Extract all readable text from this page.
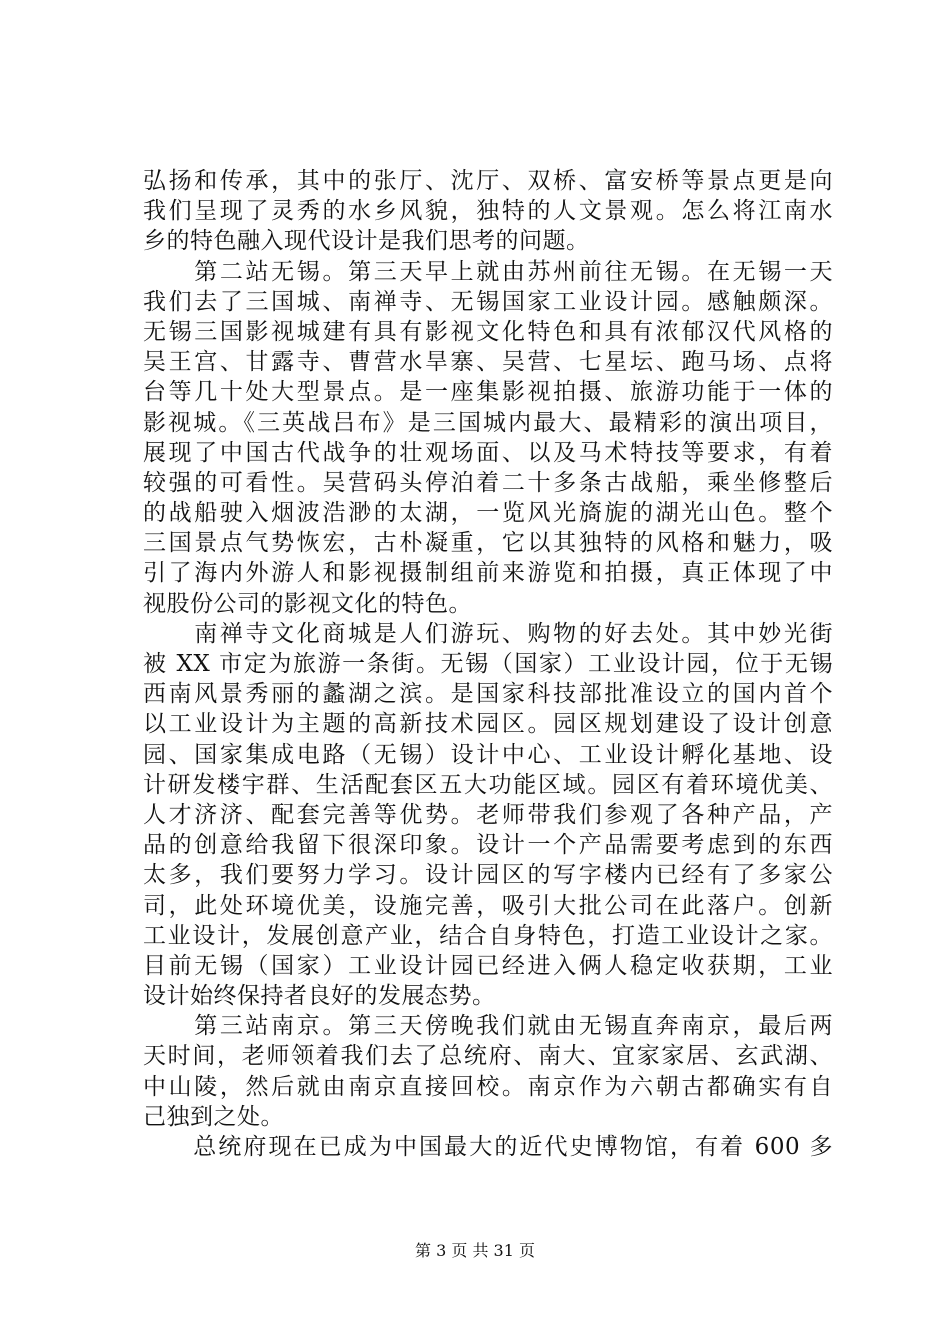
弘扬和传承，其中的张厅、沈厅、双桥、富安桥等景点更是向
我们呈现了灵秀的水乡风貌，独特的人文景观。怎么将江南水
乡的特色融入现代设计是我们思考的问题。
　　第二站无锡。第三天早上就由苏州前往无锡。在无锡一天
我们去了三国城、南禅寺、无锡国家工业设计园。感触颇深。
无锡三国影视城建有具有影视文化特色和具有浓郁汉代风格的
吴王宫、甘露寺、曹营水旱寨、吴营、七星坛、跑马场、点将
台等几十处大型景点。是一座集影视拍摄、旅游功能于一体的
影视城。《三英战吕布》是三国城内最大、最精彩的演出项目，
展现了中国古代战争的壮观场面、以及马术特技等要求，有着
较强的可看性。吴营码头停泊着二十多条古战船，乘坐修整后
的战船驶入烟波浩渺的太湖，一览风光旖旎的湖光山色。整个
三国景点气势恢宏，古朴凝重，它以其独特的风格和魅力，吸
引了海内外游人和影视摄制组前来游览和拍摄，真正体现了中
视股份公司的影视文化的特色。
　　南禅寺文化商城是人们游玩、购物的好去处。其中妙光街
被 XX 市定为旅游一条街。无锡（国家）工业设计园，位于无锡
西南风景秀丽的蠡湖之滨。是国家科技部批准设立的国内首个
以工业设计为主题的高新技术园区。园区规划建设了设计创意
园、国家集成电路（无锡）设计中心、工业设计孵化基地、设
计研发楼宇群、生活配套区五大功能区域。园区有着环境优美、
人才济济、配套完善等优势。老师带我们参观了各种产品，产
品的创意给我留下很深印象。设计一个产品需要考虑到的东西
太多，我们要努力学习。设计园区的写字楼内已经有了多家公
司，此处环境优美，设施完善，吸引大批公司在此落户。创新
工业设计，发展创意产业，结合自身特色，打造工业设计之家。
目前无锡（国家）工业设计园已经进入俩人稳定收获期，工业
设计始终保持者良好的发展态势。
　　第三站南京。第三天傍晚我们就由无锡直奔南京，最后两
天时间，老师领着我们去了总统府、南大、宜家家居、玄武湖、
中山陵，然后就由南京直接回校。南京作为六朝古都确实有自
己独到之处。
　　总统府现在已成为中国最大的近代史博物馆，有着 600 多
第 3 页 共 31 页
